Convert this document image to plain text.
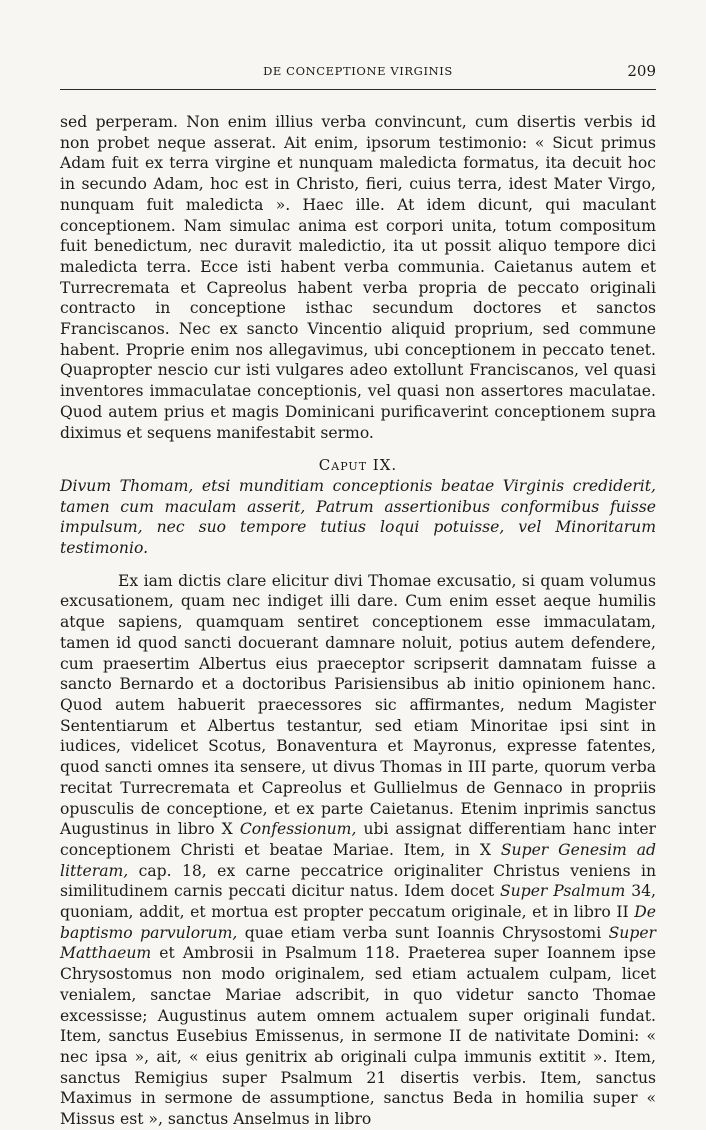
DE CONCEPTIONE VIRGINIS	209

sed perperam. Non enim illius verba convincunt, cum disertis verbis id non probet neque asserat. Ait enim, ipsorum testimonio: « Sicut primus Adam fuit ex terra virgine et nunquam maledicta formatus, ita decuit hoc in secundo Adam, hoc est in Christo, fieri, cuius terra, idest Mater Virgo, nunquam fuit maledicta ». Haec ille. At idem dicunt, qui maculant conceptionem. Nam simulac anima est corpori unita, totum compositum fuit benedictum, nec duravit maledictio, ita ut possit aliquo tempore dici maledicta terra. Ecce isti habent verba communia. Caietanus autem et Turrecremata et Capreolus habent verba propria de peccato originali contracto in conceptione isthac secundum doctores et sanctos Franciscanos. Nec ex sancto Vincentio aliquid proprium, sed commune habent. Proprie enim nos allegavimus, ubi conceptionem in peccato tenet. Quapropter nescio cur isti vulgares adeo extollunt Franciscanos, vel quasi inventores immaculatae conceptionis, vel quasi non assertores maculatae. Quod autem prius et magis Dominicani purificaverint conceptionem supra diximus et sequens manifestabit sermo.

Caput IX.

Divum Thomam, etsi munditiam conceptionis beatae Virginis crediderit, tamen cum maculam asserit, Patrum assertionibus conformibus fuisse impulsum, nec suo tempore tutius loqui potuisse, vel Minoritarum testimonio.

Ex iam dictis clare elicitur divi Thomae excusatio, si quam volumus excusationem, quam nec indiget illi dare. Cum enim esset aeque humilis atque sapiens, quamquam sentiret conceptionem esse immaculatam, tamen id quod sancti docuerant damnare noluit, potius autem defendere, cum praesertim Albertus eius praeceptor scripserit damnatam fuisse a sancto Bernardo et a doctoribus Parisiensibus ab initio opinionem hanc. Quod autem habuerit praecessores sic affirmantes, nedum Magister Sententiarum et Albertus testantur, sed etiam Minoritae ipsi sint in iudices, videlicet Scotus, Bonaventura et Mayronus, expresse fatentes, quod sancti omnes ita sensere, ut divus Thomas in III parte, quorum verba recitat Turrecremata et Capreolus et Gullielmus de Gennaco in propriis opusculis de conceptione, et ex parte Caietanus. Etenim inprimis sanctus Augustinus in libro X Confessionum, ubi assignat differentiam hanc inter conceptionem Christi et beatae Mariae. Item, in X Super Genesim ad litteram, cap. 18, ex carne peccatrice originaliter Christus veniens in similitudinem carnis peccati dicitur natus. Idem docet Super Psalmum 34, quoniam, addit, et mortua est propter peccatum originale, et in libro II De baptismo parvulorum, quae etiam verba sunt Ioannis Chrysostomi Super Matthaeum et Ambrosii in Psalmum 118. Praeterea super Ioannem ipse Chrysostomus non modo originalem, sed etiam actualem culpam, licet venialem, sanctae Mariae adscribit, in quo videtur sancto Thomae excessisse; Augustinus autem omnem actualem super originali fundat. Item, sanctus Eusebius Emissenus, in sermone II de nativitate Domini: « nec ipsa », ait, « eius genitrix ab originali culpa immunis extitit ». Item, sanctus Remigius super Psalmum 21 disertis verbis. Item, sanctus Maximus in sermone de assumptione, sanctus Beda in homilia super « Missus est », sanctus Anselmus in libro
